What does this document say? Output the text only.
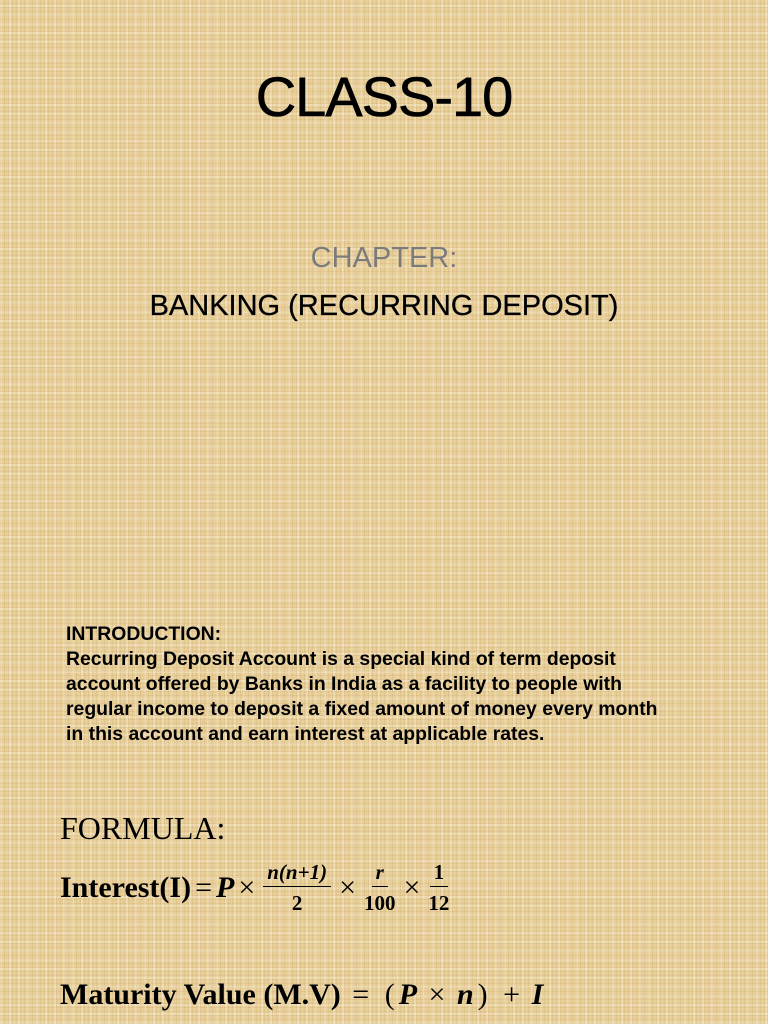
CLASS-10
CHAPTER:
BANKING (RECURRING DEPOSIT)
INTRODUCTION:
Recurring Deposit Account is a special kind of term deposit
account offered by Banks in India as a facility to people with
regular income to deposit a fixed amount of money every month
in this account and earn interest at applicable rates.
FORMULA:
Interest(I) = $P \times \frac{n(n+1)}{2} \times \frac{r}{100} \times \frac{1}{12}$
Maturity Value (M.V) = ( P × n ) + I
